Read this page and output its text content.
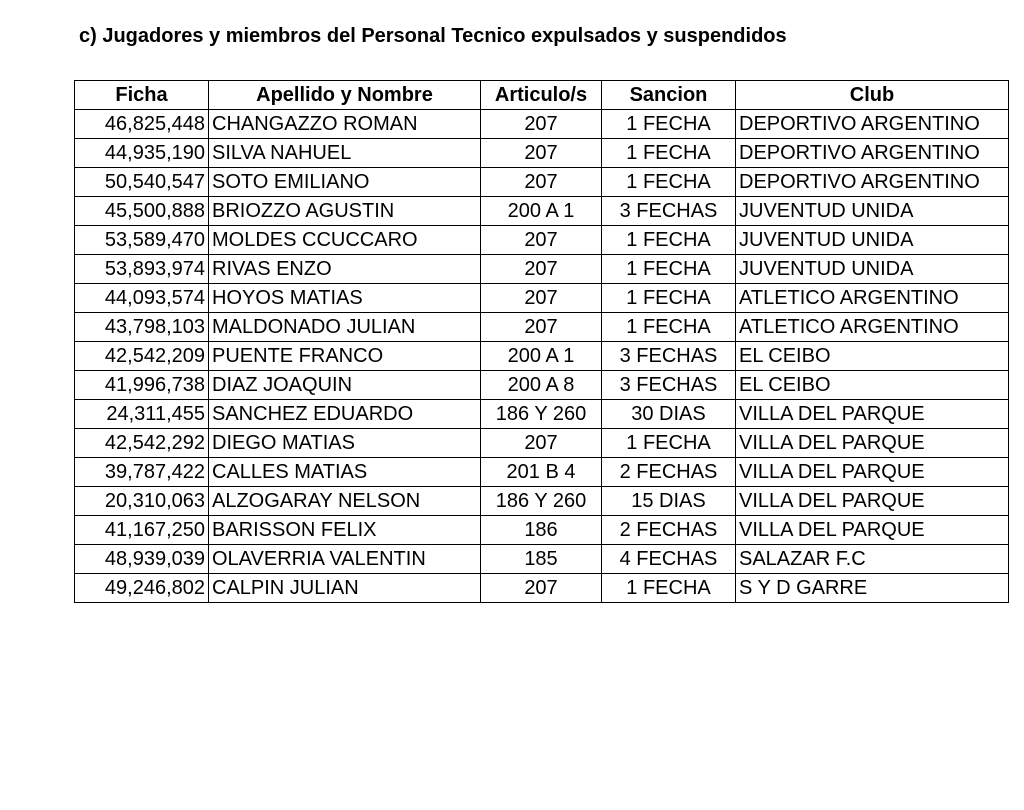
c) Jugadores y miembros del Personal Tecnico expulsados y suspendidos
Ficha	Apellido y Nombre	Articulo/s	Sancion	Club
46,825,448	CHANGAZZO ROMAN	207	1 FECHA	DEPORTIVO ARGENTINO
44,935,190	SILVA NAHUEL	207	1 FECHA	DEPORTIVO ARGENTINO
50,540,547	SOTO EMILIANO	207	1 FECHA	DEPORTIVO ARGENTINO
45,500,888	BRIOZZO AGUSTIN	200 A 1	3 FECHAS	JUVENTUD UNIDA
53,589,470	MOLDES CCUCCARO	207	1 FECHA	JUVENTUD UNIDA
53,893,974	RIVAS ENZO	207	1 FECHA	JUVENTUD UNIDA
44,093,574	HOYOS MATIAS	207	1 FECHA	ATLETICO ARGENTINO
43,798,103	MALDONADO JULIAN	207	1 FECHA	ATLETICO ARGENTINO
42,542,209	PUENTE FRANCO	200 A 1	3 FECHAS	EL CEIBO
41,996,738	DIAZ JOAQUIN	200 A 8	3 FECHAS	EL CEIBO
24,311,455	SANCHEZ EDUARDO	186 Y 260	30 DIAS	VILLA DEL PARQUE
42,542,292	DIEGO MATIAS	207	1 FECHA	VILLA DEL PARQUE
39,787,422	CALLES MATIAS	201 B 4	2 FECHAS	VILLA DEL PARQUE
20,310,063	ALZOGARAY NELSON	186 Y 260	15 DIAS	VILLA DEL PARQUE
41,167,250	BARISSON FELIX	186	2 FECHAS	VILLA DEL PARQUE
48,939,039	OLAVERRIA VALENTIN	185	4 FECHAS	SALAZAR F.C
49,246,802	CALPIN JULIAN	207	1 FECHA	S Y D GARRE
